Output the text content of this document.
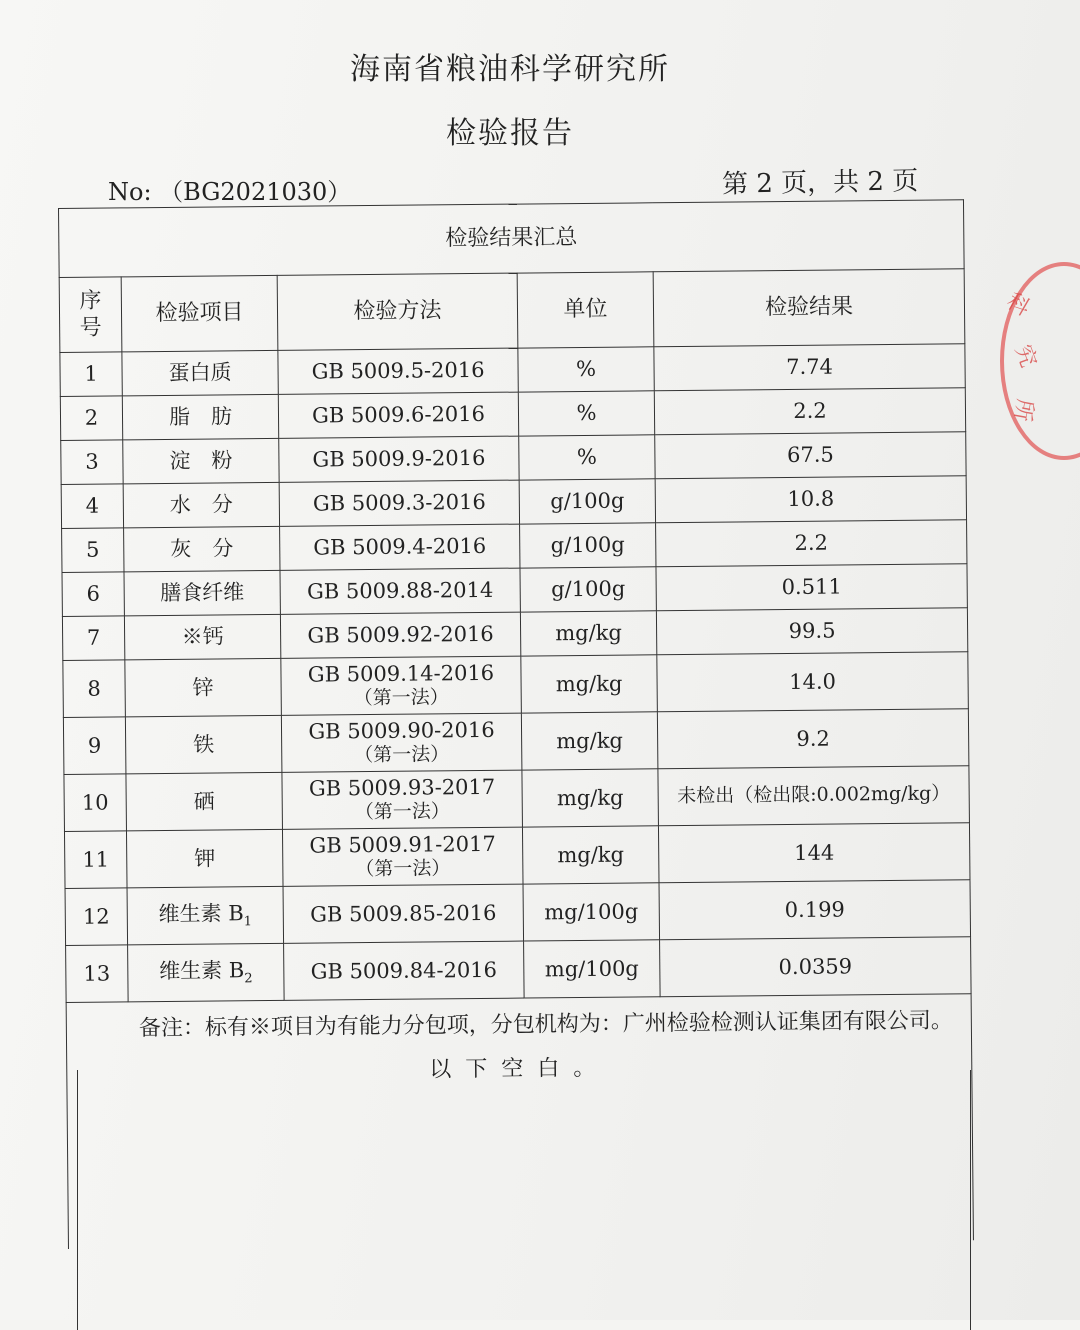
海南省粮油科学研究所
检验报告
No: （BG2021030）	第 2 页，共 2 页
检验结果汇总				

序
号	检验项目	检验方法	单位	检验结果
1	蛋白质	GB 5009.5-2016	%	7.74
2	脂　肪	GB 5009.6-2016	%	2.2
3	淀　粉	GB 5009.9-2016	%	67.5
4	水　分	GB 5009.3-2016	g/100g	10.8
5	灰　分	GB 5009.4-2016	g/100g	2.2
6	膳食纤维	GB 5009.88-2014	g/100g	0.511
7	※钙	GB 5009.92-2016	mg/kg	99.5
8	锌	GB 5009.14-2016
（第一法）	mg/kg	14.0
9	铁	GB 5009.90-2016
（第一法）	mg/kg	9.2
10	硒	GB 5009.93-2017
（第一法）	mg/kg	未检出（检出限:0.002mg/kg）
11	钾	GB 5009.91-2017
（第一法）	mg/kg	144
12	维生素 $B_1$	GB 5009.85-2016	mg/100g	0.199
13	维生素 $B_2$	GB 5009.84-2016	mg/100g	0.0359

备注：标有※项目为有能力分包项，分包机构为：广州检验检测认证集团有限公司。
以下空白。				
科
究
所
